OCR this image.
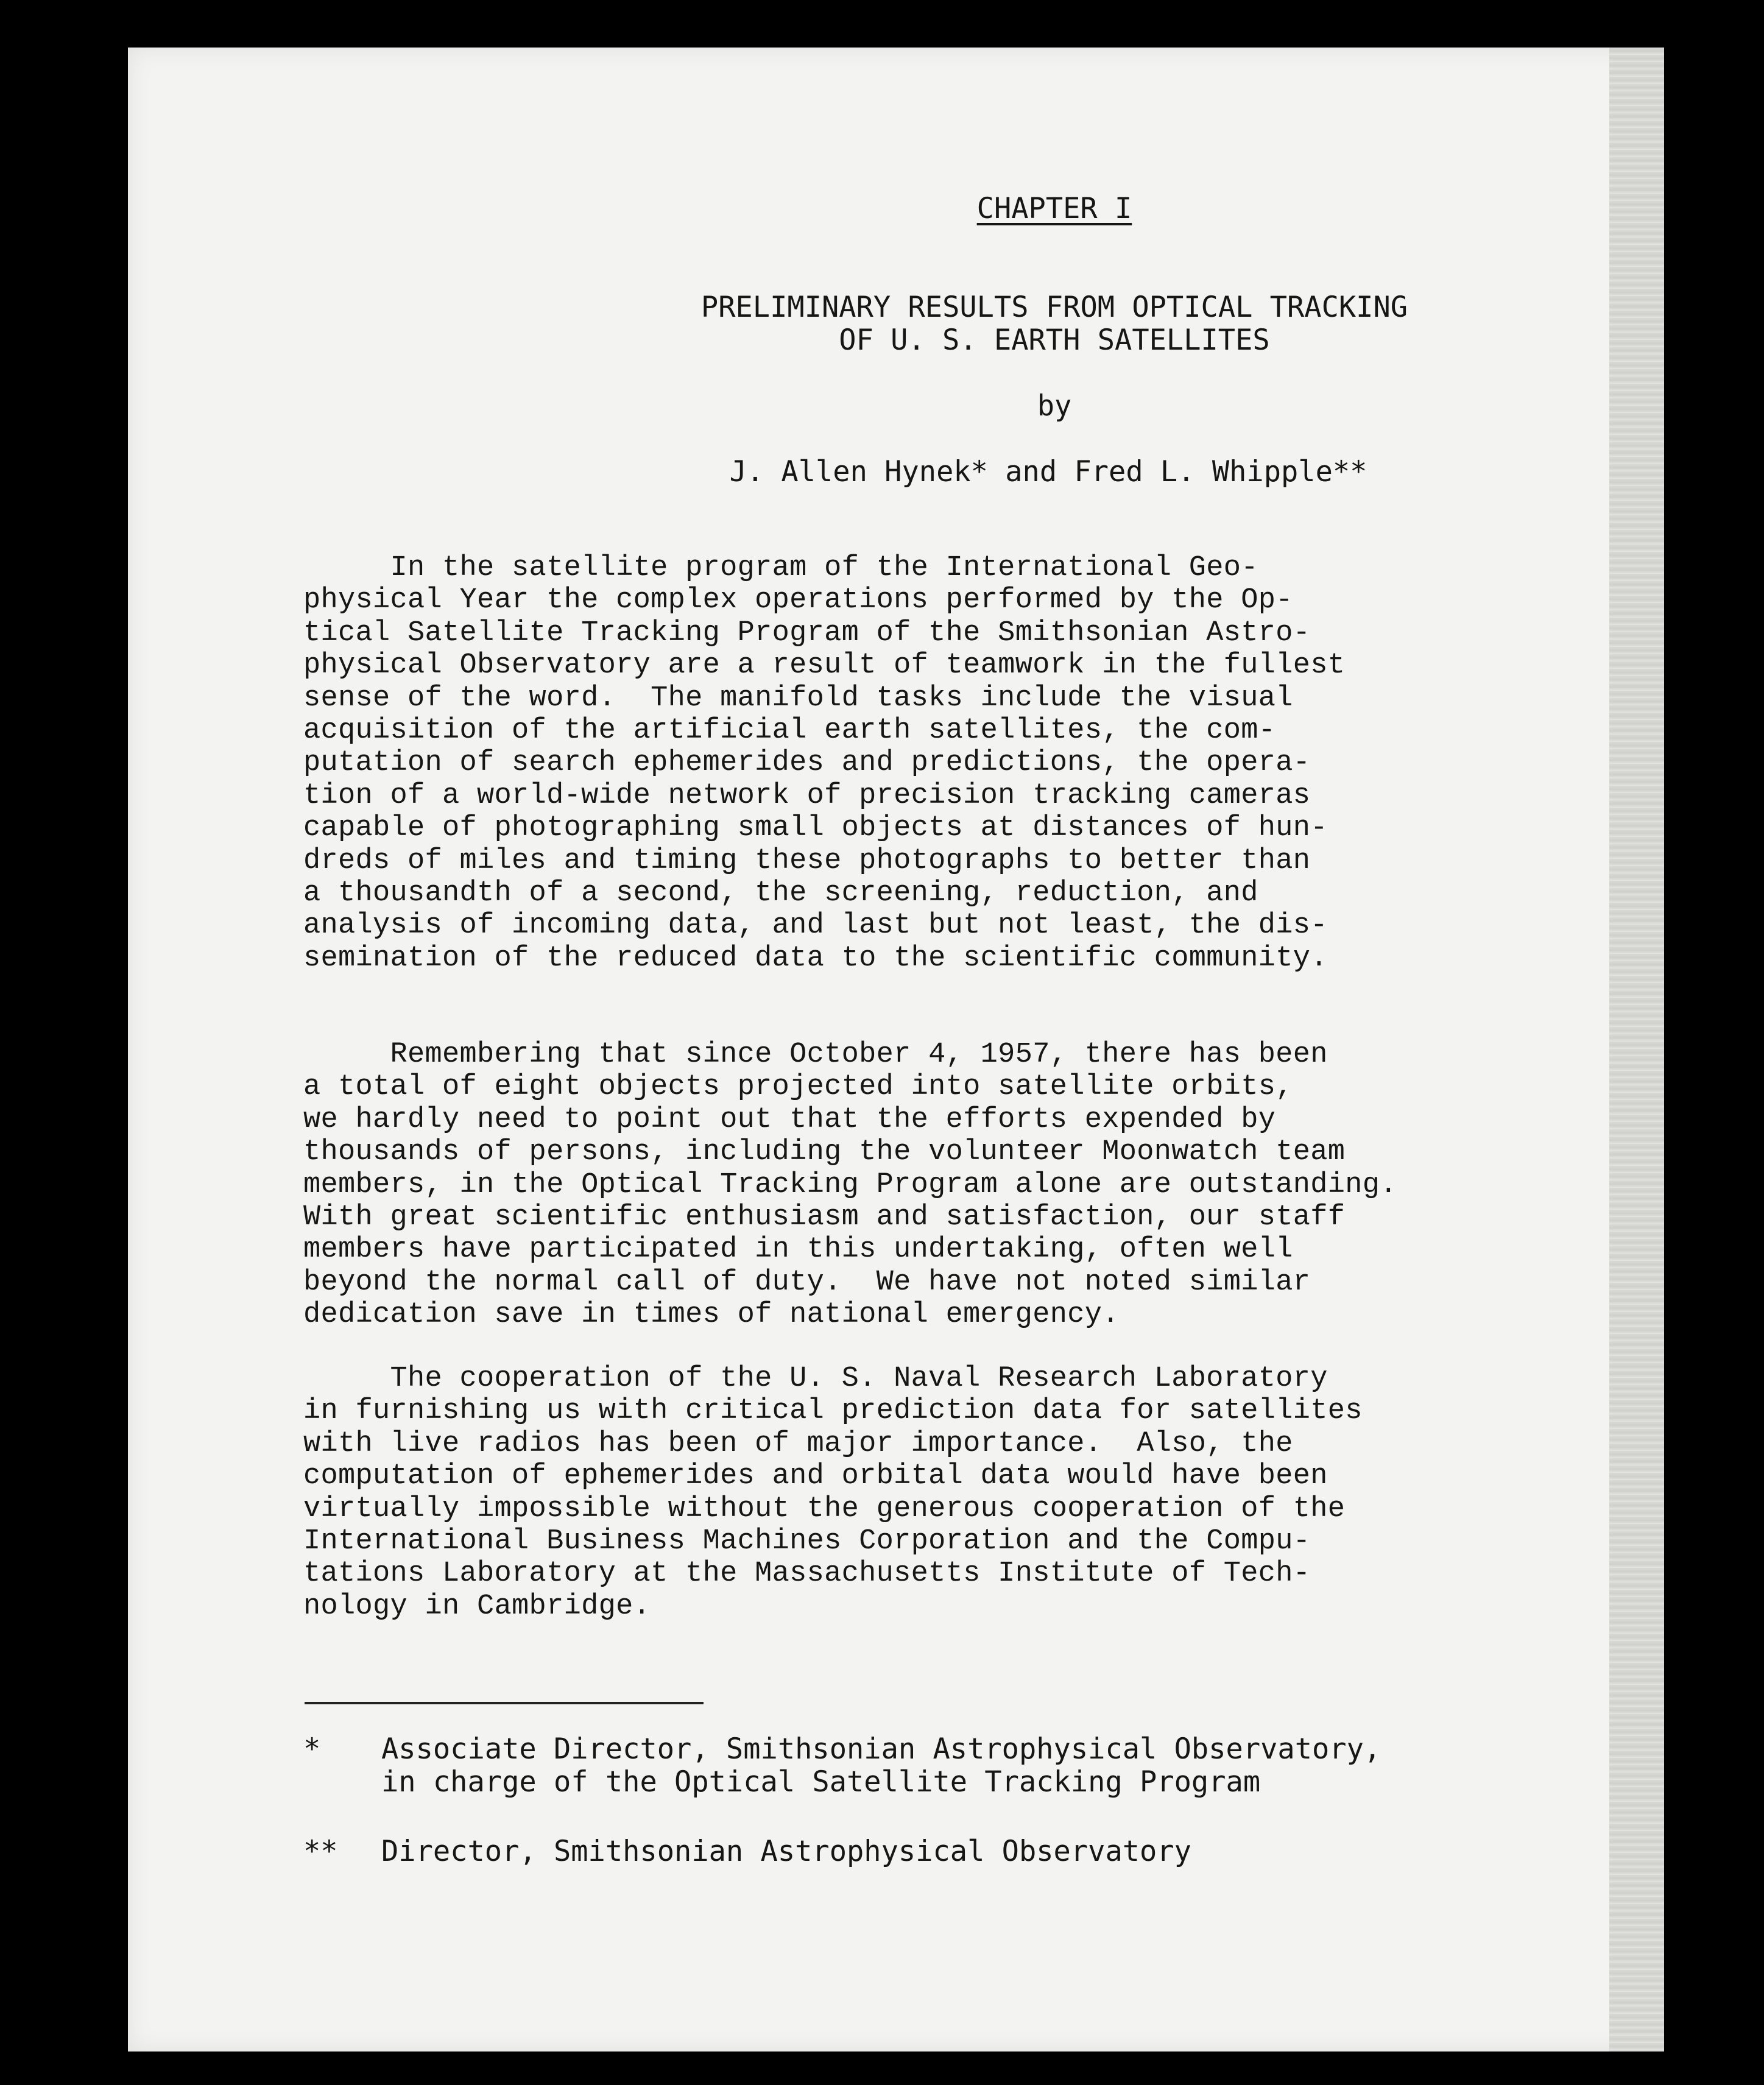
CHAPTER I
PRELIMINARY RESULTS FROM OPTICAL TRACKING
OF U. S. EARTH SATELLITES
by
J. Allen Hynek* and Fred L. Whipple**
In the satellite program of the International Geo-
physical Year the complex operations performed by the Op-
tical Satellite Tracking Program of the Smithsonian Astro-
physical Observatory are a result of teamwork in the fullest
sense of the word.  The manifold tasks include the visual
acquisition of the artificial earth satellites, the com-
putation of search ephemerides and predictions, the opera-
tion of a world-wide network of precision tracking cameras
capable of photographing small objects at distances of hun-
dreds of miles and timing these photographs to better than
a thousandth of a second, the screening, reduction, and
analysis of incoming data, and last but not least, the dis-
semination of the reduced data to the scientific community.
Remembering that since October 4, 1957, there has been
a total of eight objects projected into satellite orbits,
we hardly need to point out that the efforts expended by
thousands of persons, including the volunteer Moonwatch team
members, in the Optical Tracking Program alone are outstanding.
With great scientific enthusiasm and satisfaction, our staff
members have participated in this undertaking, often well
beyond the normal call of duty.  We have not noted similar
dedication save in times of national emergency.
The cooperation of the U. S. Naval Research Laboratory
in furnishing us with critical prediction data for satellites
with live radios has been of major importance.  Also, the
computation of ephemerides and orbital data would have been
virtually impossible without the generous cooperation of the
International Business Machines Corporation and the Compu-
tations Laboratory at the Massachusetts Institute of Tech-
nology in Cambridge.
* Associate Director, Smithsonian Astrophysical Observatory,
in charge of the Optical Satellite Tracking Program
** Director, Smithsonian Astrophysical Observatory
